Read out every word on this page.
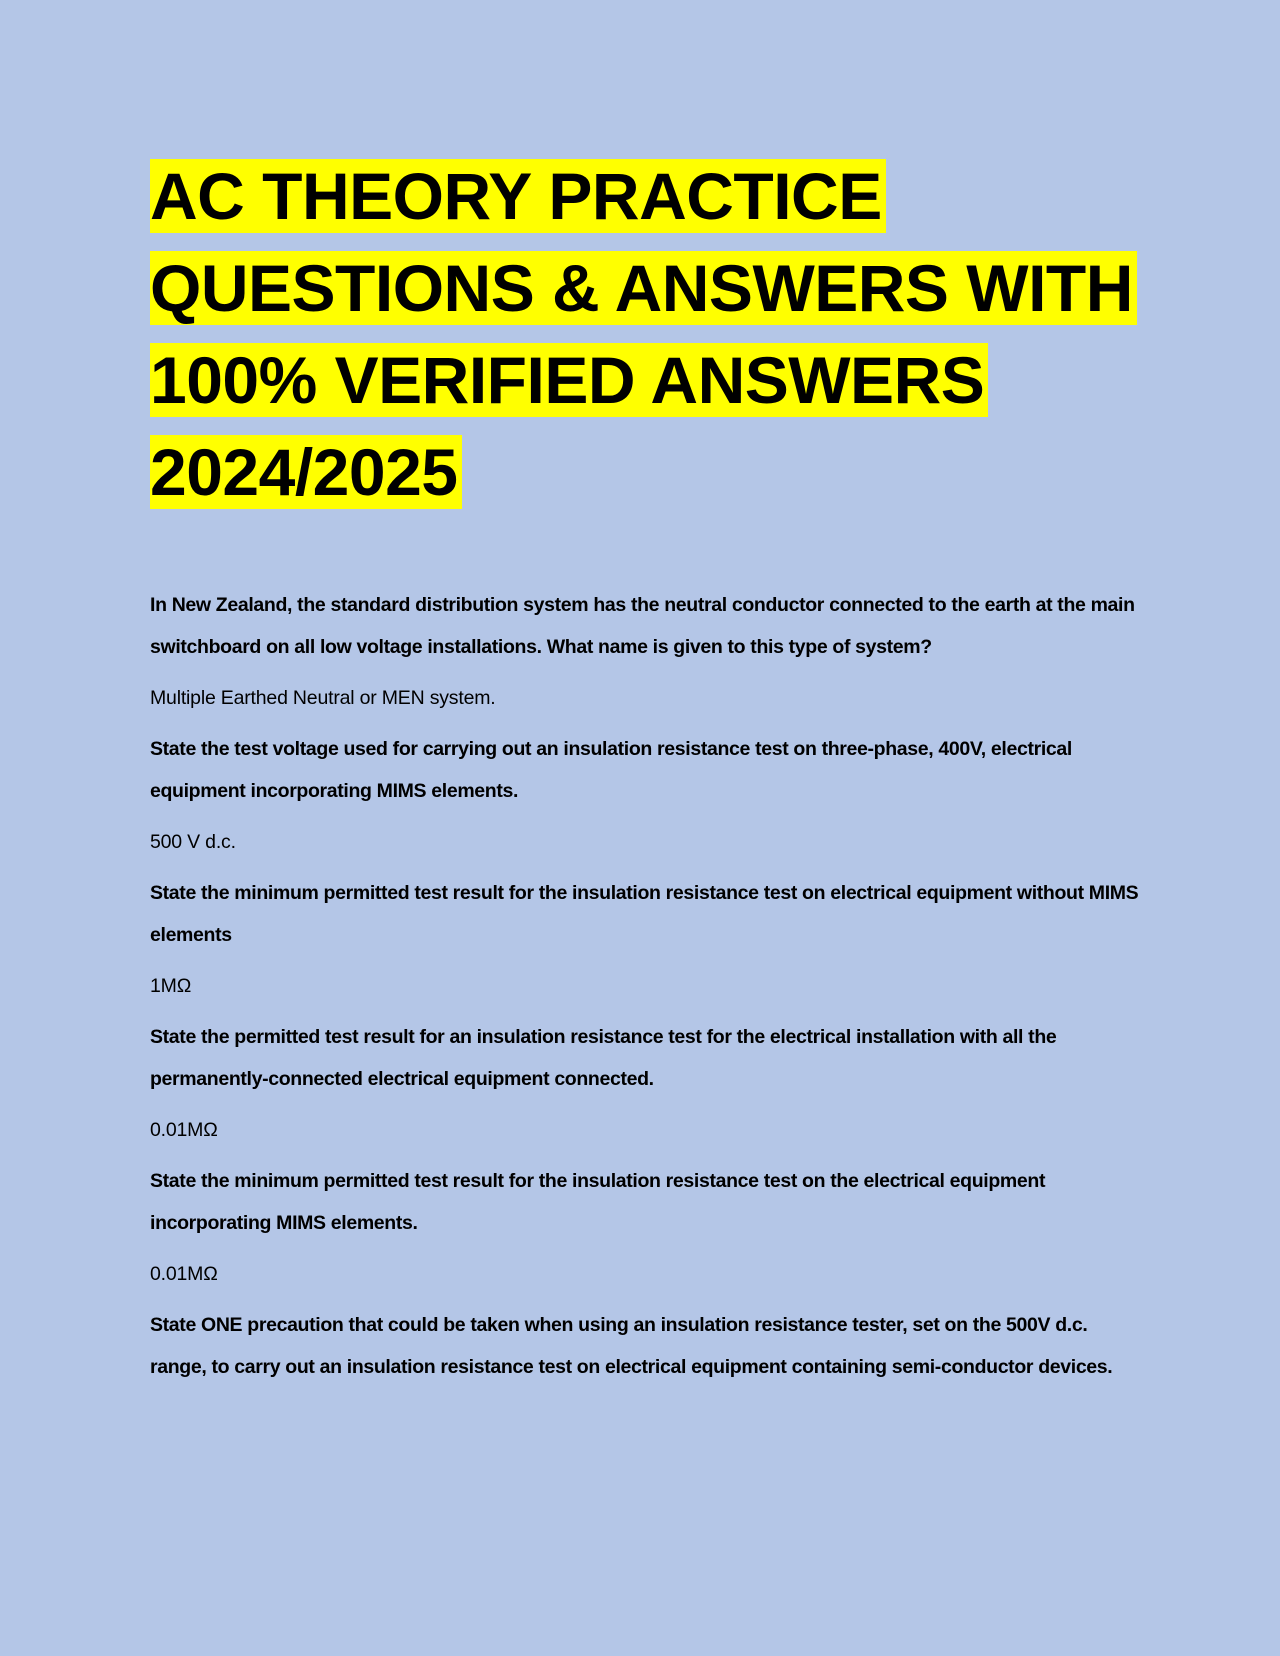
AC THEORY PRACTICE
QUESTIONS & ANSWERS WITH
100% VERIFIED ANSWERS
2024/2025

In New Zealand, the standard distribution system has the neutral conductor connected to the earth at the main switchboard on all low voltage installations. What name is given to this type of system?

Multiple Earthed Neutral or MEN system.

State the test voltage used for carrying out an insulation resistance test on three-phase, 400V, electrical equipment incorporating MIMS elements.

500 V d.c.

State the minimum permitted test result for the insulation resistance test on electrical equipment without MIMS elements

1MΩ

State the permitted test result for an insulation resistance test for the electrical installation with all the permanently-connected electrical equipment connected.

0.01MΩ

State the minimum permitted test result for the insulation resistance test on the electrical equipment incorporating MIMS elements.

0.01MΩ

State ONE precaution that could be taken when using an insulation resistance tester, set on the 500V d.c. range, to carry out an insulation resistance test on electrical equipment containing semi-conductor devices.
